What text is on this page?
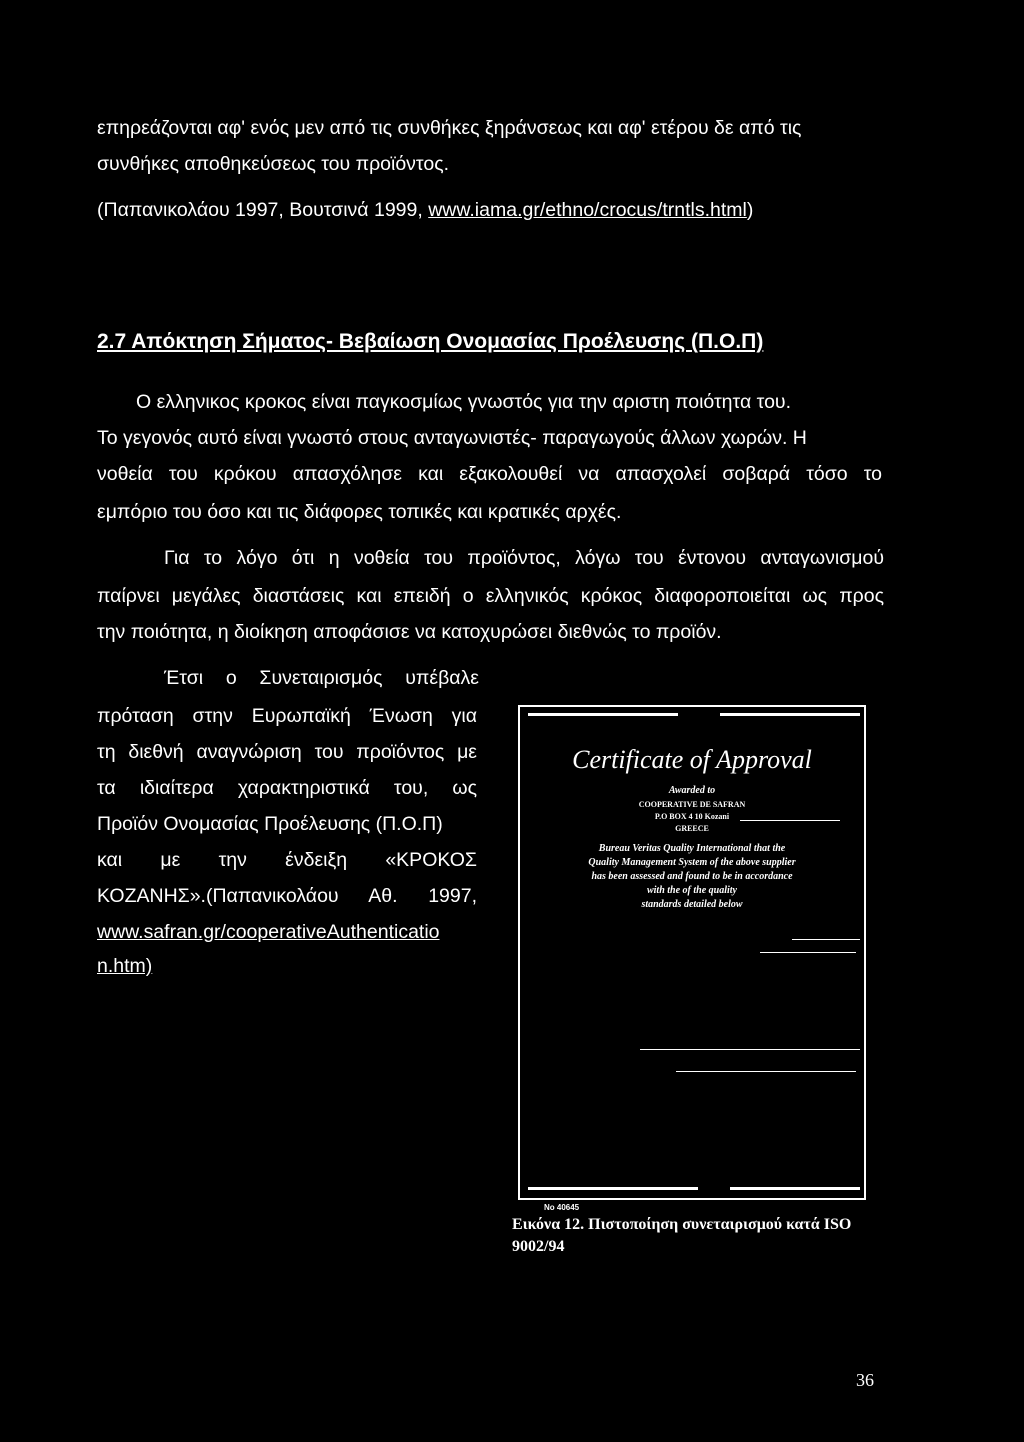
επηρεάζονται αφ' ενός μεν από τις συνθήκες ξηράνσεως και αφ' ετέρου δε από τις

συνθήκες αποθηκεύσεως του προϊόντος.

(Παπανικολάου 1997, Βουτσινά 1999, www.iama.gr/ethno/crocus/trntls.html)

2.7 Απόκτηση Σήματος- Βεβαίωση Ονομασίας Προέλευσης (Π.Ο.Π)

Ο ελληνικος κροκος είναι παγκοσμίως γνωστός για την αριστη ποιότητα του.

Το γεγονός αυτό είναι γνωστό στους ανταγωνιστές- παραγωγούς άλλων χωρών. Η

νοθεία του κρόκου απασχόλησε και εξακολουθεί να απασχολεί σοβαρά τόσο το

εμπόριο του όσο και τις διάφορες τοπικές και κρατικές αρχές.

Για το λόγο ότι η νοθεία του προϊόντος, λόγω του έντονου ανταγωνισμού

παίρνει μεγάλες διαστάσεις και επειδή ο ελληνικός κρόκος διαφοροποιείται ως προς

την ποιότητα, η διοίκηση αποφάσισε να κατοχυρώσει διεθνώς το προϊόν.

Έτσι ο Συνεταιρισμός υπέβαλε
πρόταση στην Ευρωπαϊκή Ένωση για
τη διεθνή αναγνώριση του προϊόντος με
τα ιδιαίτερα χαρακτηριστικά του, ως
Προϊόν Ονομασίας Προέλευσης (Π.Ο.Π)
και με την ένδειξη «ΚΡΟΚΟΣ
ΚΟΖΑΝΗΣ».(Παπανικολάου Αθ. 1997,
www.safran.gr/cooperativeAuthenticatio
n.htm)
Certificate of Approval
Awarded to
COOPERATIVE DE SAFRAN
P.O BOX 4 10 Kozani
GREECE
Bureau Veritas Quality International that the
Quality Management System of the above supplier
has been assessed and found to be in accordance
with the of the quality
standards detailed below
No 40645
Εικόνα 12. Πιστοποίηση συνεταιρισμού κατά ISO 9002/94
36
